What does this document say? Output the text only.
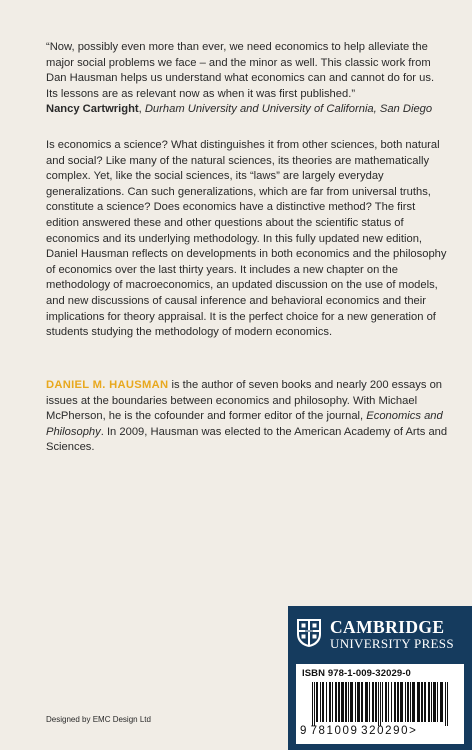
“Now, possibly even more than ever, we need economics to help alleviate the major social problems we face – and the minor as well. This classic work from Dan Hausman helps us understand what economics can and cannot do for us. Its lessons are as relevant now as when it was first published.”

Nancy Cartwright, Durham University and University of California, San Diego

Is economics a science? What distinguishes it from other sciences, both natural and social? Like many of the natural sciences, its theories are mathematically complex. Yet, like the social sciences, its “laws” are largely everyday generalizations. Can such generalizations, which are far from universal truths, constitute a science? Does economics have a distinctive method? The first edition answered these and other questions about the scientific status of economics and its underlying methodology. In this fully updated new edition, Daniel Hausman reflects on developments in both economics and the philosophy of economics over the last thirty years. It includes a new chapter on the methodology of macroeconomics, an updated discussion on the use of models, and new discussions of causal inference and behavioral economics and their implications for theory appraisal. It is the perfect choice for a new generation of students studying the methodology of modern economics.
DANIEL M. HAUSMAN is the author of seven books and nearly 200 essays on issues at the boundaries between economics and philosophy. With Michael McPherson, he is the cofounder and former editor of the journal, Economics and Philosophy. In 2009, Hausman was elected to the American Academy of Arts and Sciences.
Designed by EMC Design Ltd
CAMBRIDGE
UNIVERSITY PRESS
ISBN 978-1-009-32029-0
9  781009  320290>
